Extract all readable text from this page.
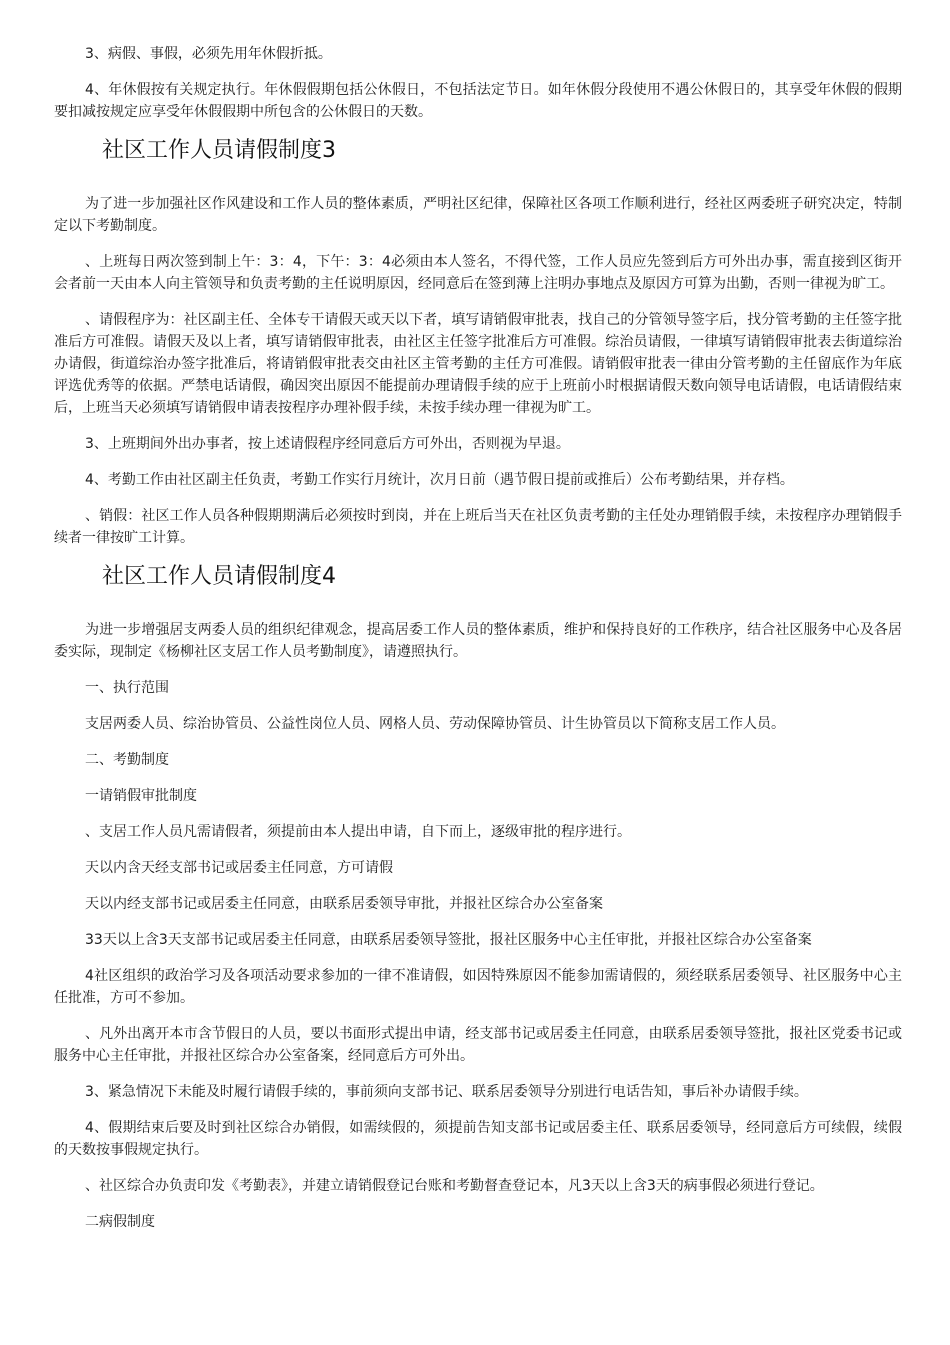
3、病假、事假，必须先用年休假折抵。

4、年休假按有关规定执行。年休假假期包括公休假日，不包括法定节日。如年休假分段使用不遇公休假日的，其享受年休假的假期要扣减按规定应享受年休假假期中所包含的公休假日的天数。

社区工作人员请假制度3

为了进一步加强社区作风建设和工作人员的整体素质，严明社区纪律，保障社区各项工作顺利进行，经社区两委班子研究决定，特制定以下考勤制度。

、上班每日两次签到制上午：3：4，下午：3：4必须由本人签名，不得代签，工作人员应先签到后方可外出办事，需直接到区街开会者前一天由本人向主管领导和负责考勤的主任说明原因，经同意后在签到薄上注明办事地点及原因方可算为出勤，否则一律视为旷工。

、请假程序为：社区副主任、全体专干请假天或天以下者，填写请销假审批表，找自己的分管领导签字后，找分管考勤的主任签字批准后方可准假。请假天及以上者，填写请销假审批表，由社区主任签字批准后方可准假。综治员请假，一律填写请销假审批表去街道综治办请假，街道综治办签字批准后，将请销假审批表交由社区主管考勤的主任方可准假。请销假审批表一律由分管考勤的主任留底作为年底评选优秀等的依据。严禁电话请假，确因突出原因不能提前办理请假手续的应于上班前小时根据请假天数向领导电话请假，电话请假结束后，上班当天必须填写请销假申请表按程序办理补假手续，未按手续办理一律视为旷工。

3、上班期间外出办事者，按上述请假程序经同意后方可外出，否则视为早退。

4、考勤工作由社区副主任负责，考勤工作实行月统计，次月日前（遇节假日提前或推后）公布考勤结果，并存档。

、销假：社区工作人员各种假期期满后必须按时到岗，并在上班后当天在社区负责考勤的主任处办理销假手续，未按程序办理销假手续者一律按旷工计算。

社区工作人员请假制度4

为进一步增强居支两委人员的组织纪律观念，提高居委工作人员的整体素质，维护和保持良好的工作秩序，结合社区服务中心及各居委实际，现制定《杨柳社区支居工作人员考勤制度》，请遵照执行。

一、执行范围

支居两委人员、综治协管员、公益性岗位人员、网格人员、劳动保障协管员、计生协管员以下简称支居工作人员。

二、考勤制度

一请销假审批制度

、支居工作人员凡需请假者，须提前由本人提出申请，自下而上，逐级审批的程序进行。

天以内含天经支部书记或居委主任同意，方可请假

天以内经支部书记或居委主任同意，由联系居委领导审批，并报社区综合办公室备案

33天以上含3天支部书记或居委主任同意，由联系居委领导签批，报社区服务中心主任审批，并报社区综合办公室备案

4社区组织的政治学习及各项活动要求参加的一律不准请假，如因特殊原因不能参加需请假的，须经联系居委领导、社区服务中心主任批准，方可不参加。

、凡外出离开本市含节假日的人员，要以书面形式提出申请，经支部书记或居委主任同意，由联系居委领导签批，报社区党委书记或服务中心主任审批，并报社区综合办公室备案，经同意后方可外出。

3、紧急情况下未能及时履行请假手续的，事前须向支部书记、联系居委领导分别进行电话告知，事后补办请假手续。

4、假期结束后要及时到社区综合办销假，如需续假的，须提前告知支部书记或居委主任、联系居委领导，经同意后方可续假，续假的天数按事假规定执行。

、社区综合办负责印发《考勤表》，并建立请销假登记台账和考勤督查登记本，凡3天以上含3天的病事假必须进行登记。

二病假制度
